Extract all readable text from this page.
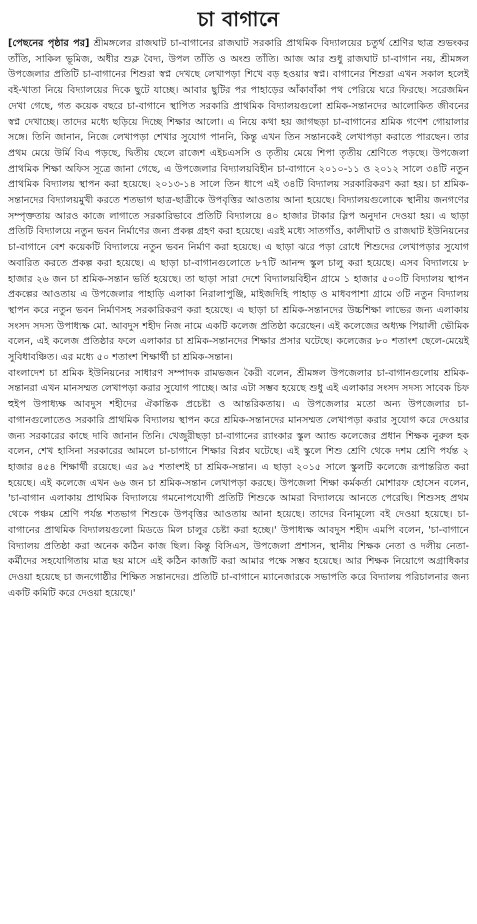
চা বাগানে

[পেছনের পৃষ্ঠার পর] শ্রীমঙ্গলের রাজঘাট চা-বাগানের রাজঘাট সরকারি প্রাথমিক বিদ্যালয়ের চতুর্থ শ্রেণির ছাত্র শুভংকর তাঁতি, সাকিল ভূমিজ, অধীর শুক্ল বৈদ্য, উপল তাঁতি ও অংশু তাঁতি। আজ আর শুধু রাজঘাট চা-বাগান নয়, শ্রীমঙ্গল উপজেলার প্রতিটি চা-বাগানের শিশুরা স্বপ্ন দেখছে লেখাপড়া শিখে বড় হওয়ার স্বপ্ন। বাগানের শিশুরা এখন সকাল হলেই বই-খাতা নিয়ে বিদ্যালয়ের দিকে ছুটে যাচ্ছে। আবার ছুটির পর পাহাড়ের আঁকাবাঁকা পথ পেরিয়ে ঘরে ফিরছে। সরেজমিন দেখা গেছে, গত কয়েক বছরে চা-বাগানে স্থাপিত সরকারি প্রাথমিক বিদ্যালয়গুলো শ্রমিক-সন্তানদের আলোকিত জীবনের স্বপ্ন দেখাচ্ছে। তাদের মধ্যে ছড়িয়ে দিচ্ছে শিক্ষার আলো। এ নিয়ে কথা হয় জাগছড়া চা-বাগানের শ্রমিক গণেশ গোয়ালার সঙ্গে। তিনি জানান, নিজে লেখাপড়া শেখার সুযোগ পাননি, কিন্তু এখন তিন সন্তানকেই লেখাপড়া করাতে পারছেন। তার প্রথম মেয়ে উর্মি বিএ পড়ছে, দ্বিতীয় ছেলে রাজেশ এইচএসসি ও তৃতীয় মেয়ে শিপা তৃতীয় শ্রেণিতে পড়ছে। উপজেলা প্রাথমিক শিক্ষা অফিস সূত্রে জানা গেছে, এ উপজেলার বিদ্যালয়বিহীন চা-বাগানে ২০১০-১১ ও ২০১২ সালে ৩৪টি নতুন প্রাথমিক বিদ্যালয় স্থাপন করা হয়েছে। ২০১৩-১৪ সালে তিন ধাপে এই ৩৪টি বিদ্যালয় সরকারিকরণ করা হয়। চা শ্রমিক-সন্তানদের বিদ্যালয়মুখী করতে শতভাগ ছাত্র-ছাত্রীকে উপবৃত্তির আওতায় আনা হয়েছে। বিদ্যালয়গুলোকে স্থানীয় জনগণের সম্পৃক্ততায় আরও কাজে লাগাতে সরকারিভাবে প্রতিটি বিদ্যালয়ে ৪০ হাজার টাকার স্লিপ অনুদান দেওয়া হয়। এ ছাড়া প্রতিটি বিদ্যালয়ে নতুন ভবন নির্মাণের জন্য প্রকল্প গ্রহণ করা হয়েছে। এরই মধ্যে সাতগাঁও, কালীঘাট ও রাজঘাট ইউনিয়নের চা-বাগানে বেশ কয়েকটি বিদ্যালয়ে নতুন ভবন নির্মাণ করা হয়েছে। এ ছাড়া ঝরে পড়া রোধে শিশুদের লেখাপড়ার সুযোগ অবারিত করতে প্রকল্প করা হয়েছে। এ ছাড়া চা-বাগানগুলোতে ৮৭টি আনন্দ স্কুল চালু করা হয়েছে। এসব বিদ্যালয়ে ৮ হাজার ২৬ জন চা শ্রমিক-সন্তান ভর্তি হয়েছে। তা ছাড়া সারা দেশে বিদ্যালয়বিহীন গ্রামে ১ হাজার ৫০০টি বিদ্যালয় স্থাপন প্রকল্পের আওতায় এ উপজেলার পাহাড়ি এলাকা নিরালাপুঞ্জি, মাইজদিহি পাহাড় ও মাধবপাশা গ্রামে ৩টি নতুন বিদ্যালয় স্থাপন করে নতুন ভবন নির্মাণসহ সরকারিকরণ করা হয়েছে। এ ছাড়া চা শ্রমিক-সন্তানদের উচ্চশিক্ষা লাভের জন্য এলাকায় সংসদ সদস্য উপাধ্যক্ষ মো. আবদুস শহীদ নিজ নামে একটি কলেজ প্রতিষ্ঠা করেছেন। এই কলেজের অধ্যক্ষ পিয়ালী ভৌমিক বলেন, এই কলেজ প্রতিষ্ঠার ফলে এলাকার চা শ্রমিক-সন্তানদের শিক্ষার প্রসার ঘটেছে। কলেজের ৮০ শতাংশ ছেলে-মেয়েই সুবিধাবঞ্চিত। এর মধ্যে ৫০ শতাংশ শিক্ষার্থী চা শ্রমিক-সন্তান।

বাংলাদেশ চা শ্রমিক ইউনিয়নের সাধারণ সম্পাদক রামভজন কৈরী বলেন, শ্রীমঙ্গল উপজেলার চা-বাগানগুলোয় শ্রমিক-সন্তানরা এখন মানসম্মত লেখাপড়া করার সুযোগ পাচ্ছে। আর এটা সম্ভব হয়েছে শুধু এই এলাকার সংসদ সদস্য সাবেক চিফ হুইপ উপাধ্যক্ষ আবদুস শহীদের ঐকান্তিক প্রচেষ্টা ও আন্তরিকতায়। এ উপজেলার মতো অন্য উপজেলার চা-বাগানগুলোতেও সরকারি প্রাথমিক বিদ্যালয় স্থাপন করে শ্রমিক-সন্তানদের মানসম্মত লেখাপড়া করার সুযোগ করে দেওয়ার জন্য সরকারের কাছে দাবি জানান তিনি। খেজুরীছড়া চা-বাগানের র‍্যাংকার স্কুল অ্যান্ড কলেজের প্রধান শিক্ষক নুরুল হক বলেন, শেখ হাসিনা সরকারের আমলে চা-চাগানে শিক্ষার বিপ্লব ঘটেছে। এই স্কুলে শিশু শ্রেণি থেকে দশম শ্রেণি পর্যন্ত ২ হাজার ৪৫৪ শিক্ষার্থী রয়েছে। এর ৯৫ শতাংশই চা শ্রমিক-সন্তান। এ ছাড়া ২০১৫ সালে স্কুলটি কলেজে রূপান্তরিত করা হয়েছে। এই কলেজে এখন ৬৬ জন চা শ্রমিক-সন্তান লেখাপড়া করছে। উপজেলা শিক্ষা কর্মকর্তা মোশারফ হোসেন বলেন, 'চা-বাগান এলাকায় প্রাথমিক বিদ্যালয়ে গমনোপযোগী প্রতিটি শিশুকে আমরা বিদ্যালয়ে আনতে পেরেছি। শিশুসহ প্রথম থেকে পঞ্চম শ্রেণি পর্যন্ত শতভাগ শিশুকে উপবৃত্তির আওতায় আনা হয়েছে। তাদের বিনামূল্যে বই দেওয়া হয়েছে। চা-বাগানের প্রাথমিক বিদ্যালয়গুলো মিডডে মিল চালুর চেষ্টা করা হচ্ছে।' উপাধ্যক্ষ আবদুস শহীদ এমপি বলেন, 'চা-বাগানে বিদ্যালয় প্রতিষ্ঠা করা অনেক কঠিন কাজ ছিল। কিন্তু বিসিএস, উপজেলা প্রশাসন, স্থানীয় শিক্ষক নেতা ও দলীয় নেতা-কর্মীদের সহযোগিতায় মাত্র ছয় মাসে এই কঠিন কাজটি করা আমার পক্ষে সম্ভব হয়েছে। আর শিক্ষক নিয়োগে অগ্রাধিকার দেওয়া হয়েছে চা জনগোষ্ঠীর শিক্ষিত সন্তানদের। প্রতিটি চা-বাগানে ম্যানেজারকে সভাপতি করে বিদ্যালয় পরিচালনার জন্য একটি কমিটি করে দেওয়া হয়েছে।'
